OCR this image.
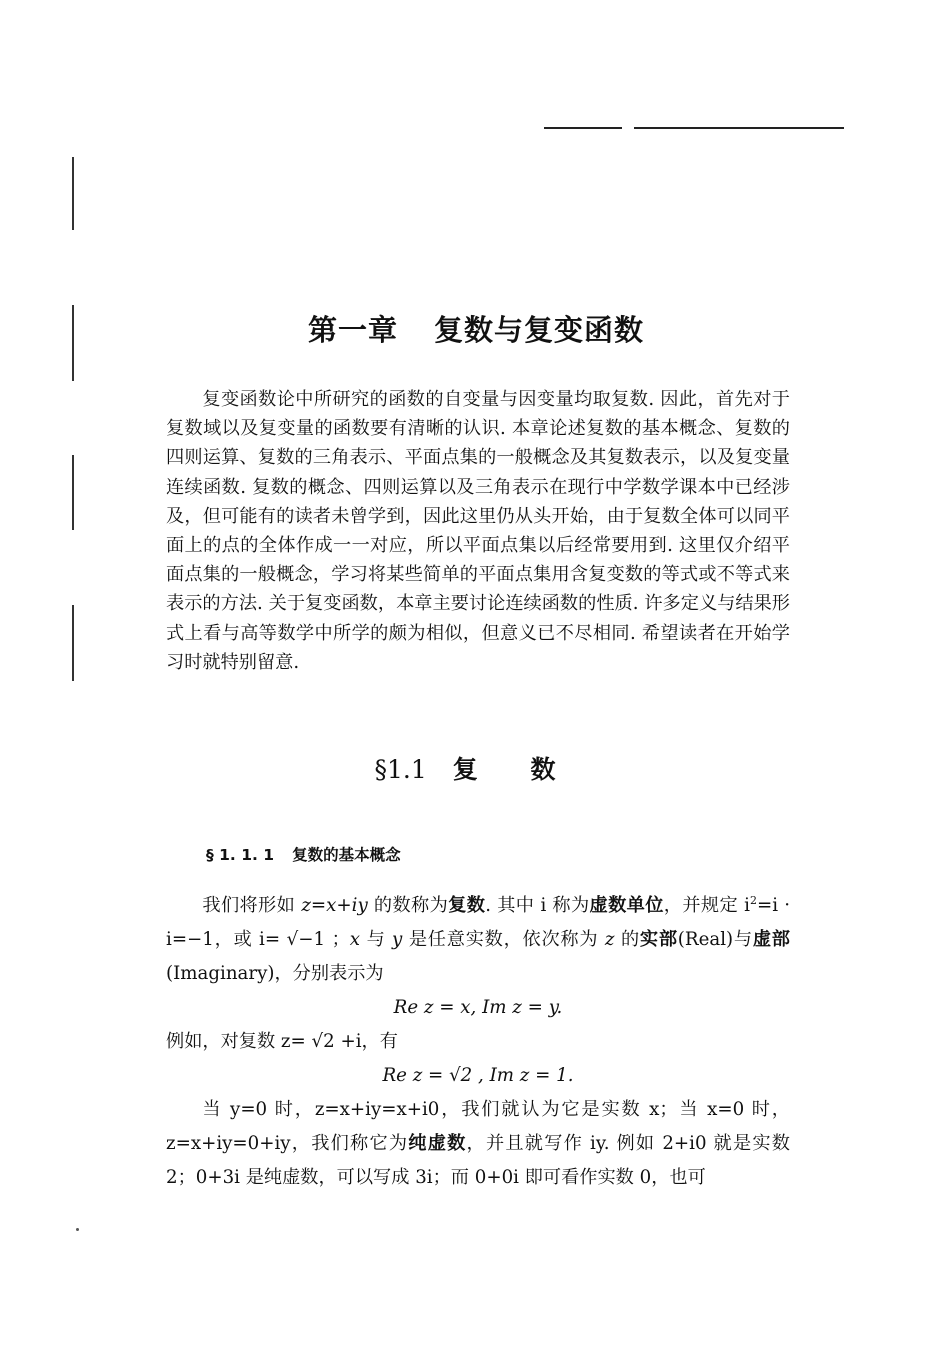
第一章 复数与复变函数

复变函数论中所研究的函数的自变量与因变量均取复数. 因此，首先对于复数域以及复变量的函数要有清晰的认识. 本章论述复数的基本概念、复数的四则运算、复数的三角表示、平面点集的一般概念及其复数表示，以及复变量连续函数. 复数的概念、四则运算以及三角表示在现行中学数学课本中已经涉及，但可能有的读者未曾学到，因此这里仍从头开始，由于复数全体可以同平面上的点的全体作成一一对应，所以平面点集以后经常要用到. 这里仅介绍平面点集的一般概念，学习将某些简单的平面点集用含复变数的等式或不等式来表示的方法. 关于复变函数，本章主要讨论连续函数的性质. 许多定义与结果形式上看与高等数学中所学的颇为相似，但意义已不尽相同. 希望读者在开始学习时就特别留意.

§1.1 复 数
§ 1. 1. 1 复数的基本概念

我们将形如 z=x+iy 的数称为复数. 其中 i 称为虚数单位，并规定 $i^2=i \cdot i=-1$，或 i= √−1 ；x 与 y 是任意实数，依次称为 z 的实部(Real)与虚部(Imaginary)，分别表示为

Re z = x, Im z = y.

例如，对复数 z= √2 +i，有

Re z = √2 , Im z = 1.

当 y=0 时，z=x+iy=x+i0，我们就认为它是实数 x；当 x=0 时，z=x+iy=0+iy，我们称它为纯虚数，并且就写作 iy. 例如 2+i0 就是实数 2；0+3i 是纯虚数，可以写成 3i；而 0+0i 即可看作实数 0，也可
